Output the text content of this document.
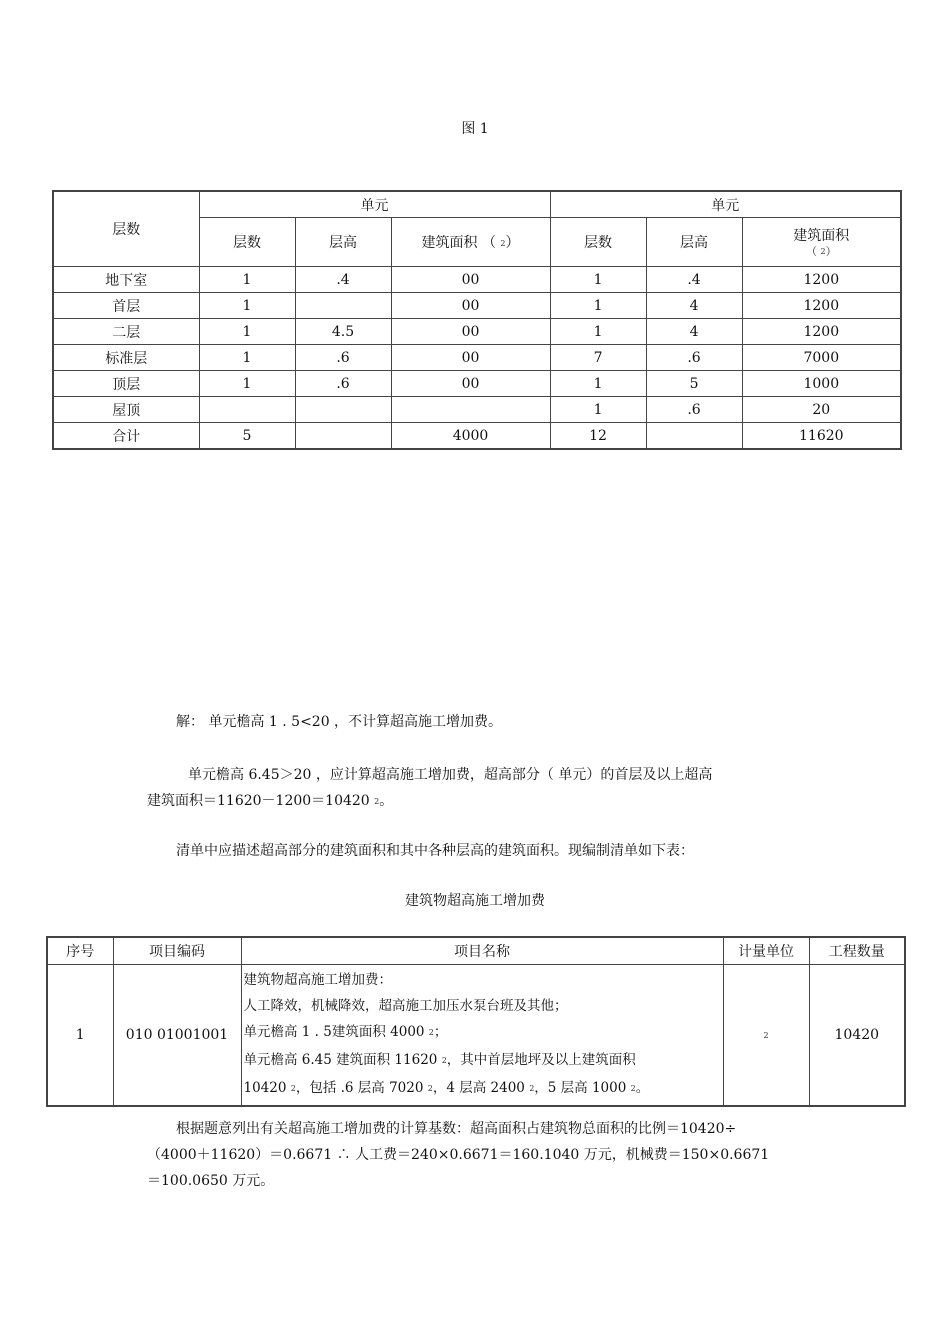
图 1
层数	单元			单元		
	层数	层高	建筑面积 （ 2）	层数	层高	建筑面积
（ 2）

地下室	1	.4	00	1	.4	1200
首层	1		00	1	4	1200
二层	1	4.5	00	1	4	1200
标准层	1	.6	00	7	.6	7000
顶层	1	.6	00	1	5	1000
屋顶				1	.6	20
合计	5		4000	12		11620
解： 单元檐高 1 . 5<20 ，不计算超高施工增加费。
单元檐高 6.45＞20 ，应计算超高施工增加费，超高部分（ 单元）的首层及以上超高
建筑面积＝11620－1200＝10420 2。
清单中应描述超高部分的建筑面积和其中各种层高的建筑面积。现编制清单如下表：
建筑物超高施工增加费
序号	项目编码	项目名称	计量单位	工程数量
1	010 01001001	建筑物超高施工增加费：
人工降效，机械降效，超高施工加压水泵台班及其他；
单元檐高 1 . 5建筑面积 4000 2；
单元檐高 6.45 建筑面积 11620 2，其中首层地坪及以上建筑面积
10420 2，包括 .6 层高 7020 2，4 层高 2400 2，5 层高 1000 2。	2	10420
根据题意列出有关超高施工增加费的计算基数：超高面积占建筑物总面积的比例＝10420÷
（4000＋11620）＝0.6671 ∴ 人工费＝240×0.6671＝160.1040 万元，机械费＝150×0.6671
＝100.0650 万元。
